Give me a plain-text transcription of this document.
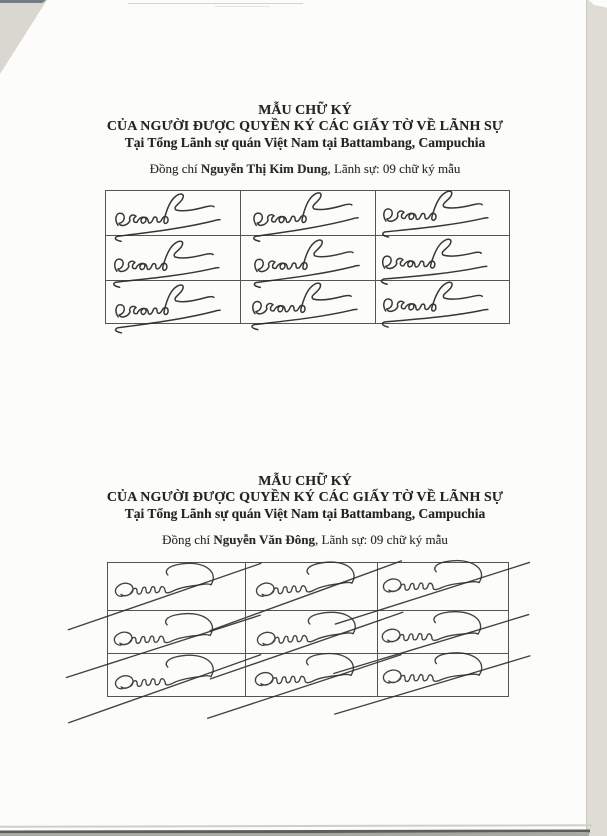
MẪU CHỮ KÝ
CỦA NGƯỜI ĐƯỢC QUYỀN KÝ CÁC GIẤY TỜ VỀ LÃNH SỰ
Tại Tổng Lãnh sự quán Việt Nam tại Battambang, Campuchia
Đồng chí Nguyễn Thị Kim Dung, Lãnh sự: 09 chữ ký mẫu
MẪU CHỮ KÝ
CỦA NGƯỜI ĐƯỢC QUYỀN KÝ CÁC GIẤY TỜ VỀ LÃNH SỰ
Tại Tổng Lãnh sự quán Việt Nam tại Battambang, Campuchia
Đồng chí Nguyễn Văn Đông, Lãnh sự: 09 chữ ký mẫu
